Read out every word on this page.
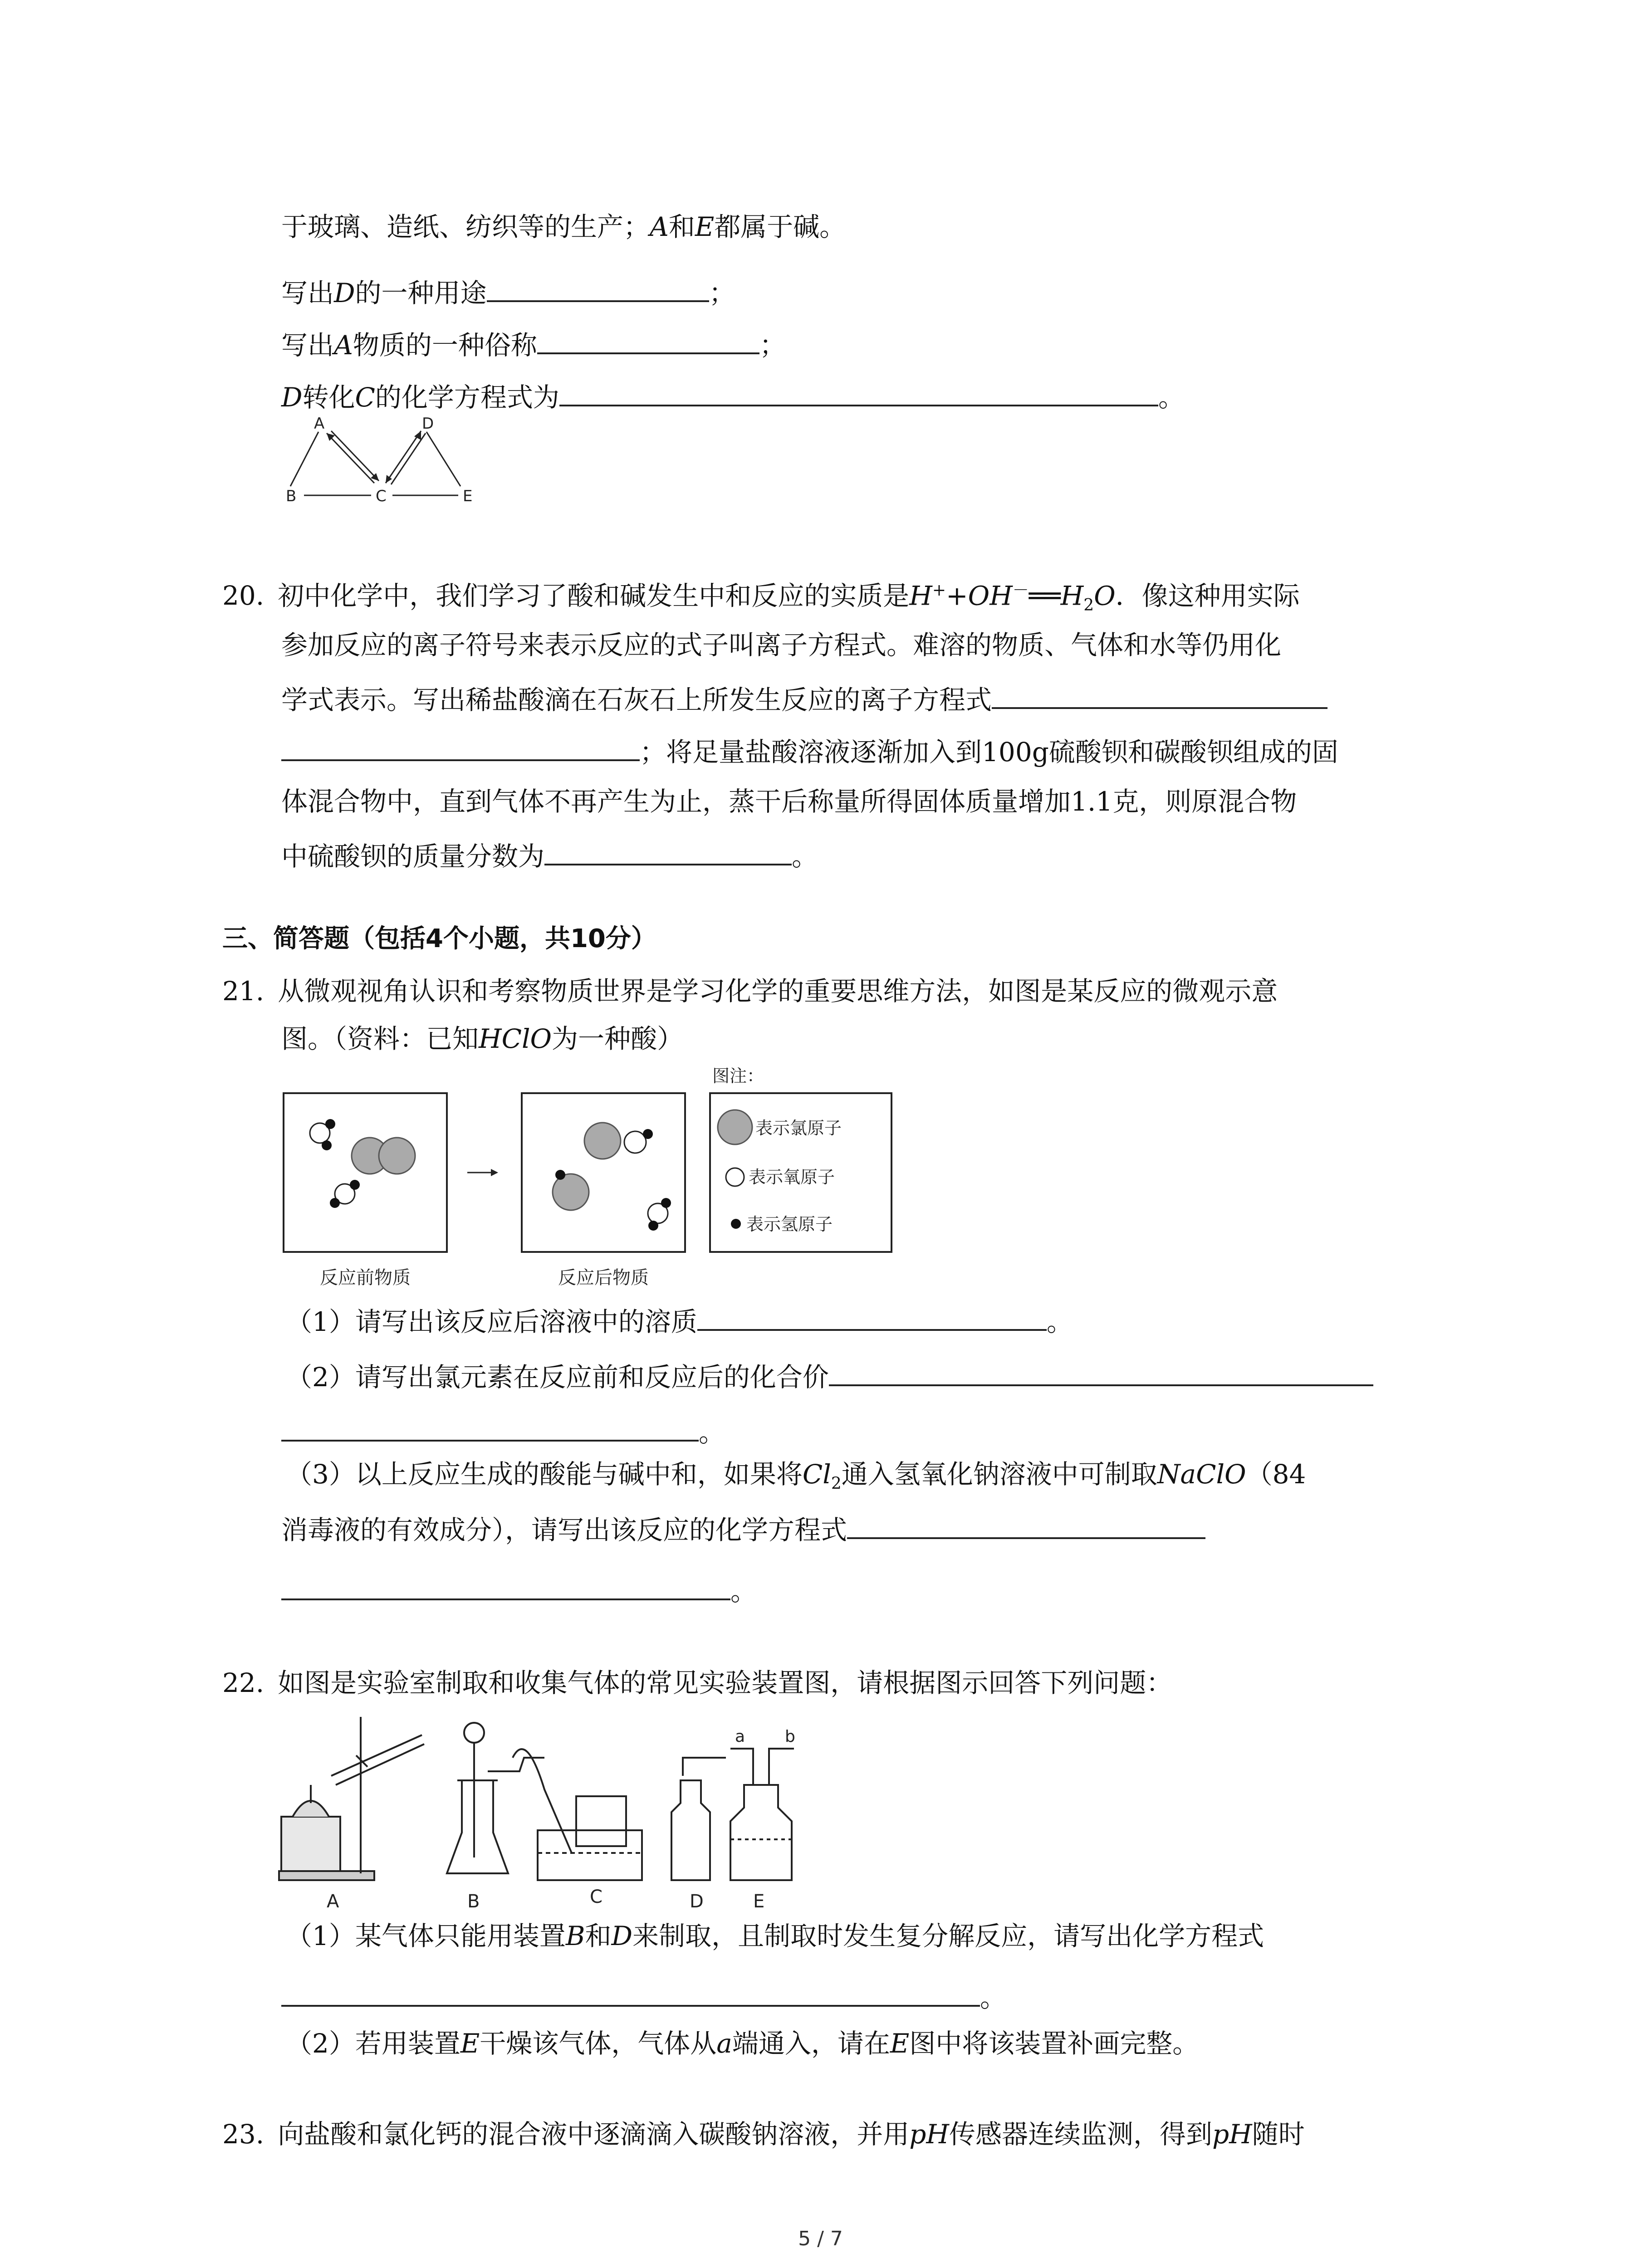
于玻璃、造纸、纺织等的生产；A和E都属于碱。
写出D的一种用途	；
写出A物质的一种俗称	；
D转化C的化学方程式为	。
A
B	C
D
E
20. 初中化学中，我们学习了酸和碱发生中和反应的实质是$H^++OH^-══H_2O$．像这种用实际
参加反应的离子符号来表示反应的式子叫离子方程式。难溶的物质、气体和水等仍用化
学式表示。写出稀盐酸滴在石灰石上所发生反应的离子方程式
；将足量盐酸溶液逐渐加入到100g硫酸钡和碳酸钡组成的固
体混合物中，直到气体不再产生为止，蒸干后称量所得固体质量增加1.1克，则原混合物
中硫酸钡的质量分数为	。
三、简答题（包括4个小题，共10分）
21. 从微观视角认识和考察物质世界是学习化学的重要思维方法，如图是某反应的微观示意
图。（资料：已知HClO为一种酸）
图注：
表示氯原子
表示氧原子
表示氢原子
反应前物质	反应后物质
（1）请写出该反应后溶液中的溶质	。
（2）请写出氯元素在反应前和反应后的化合价
。
（3）以上反应生成的酸能与碱中和，如果将$Cl_2$通入氢氧化钠溶液中可制取NaClO（84
消毒液的有效成分），请写出该反应的化学方程式
。
22. 如图是实验室制取和收集气体的常见实验装置图，请根据图示回答下列问题：
A	B	C	D	E
a b
（1）某气体只能用装置B和D来制取，且制取时发生复分解反应，请写出化学方程式
。
（2）若用装置E干燥该气体，气体从a端通入，请在E图中将该装置补画完整。
23. 向盐酸和氯化钙的混合液中逐滴滴入碳酸钠溶液，并用pH传感器连续监测，得到pH随时
5 / 7
